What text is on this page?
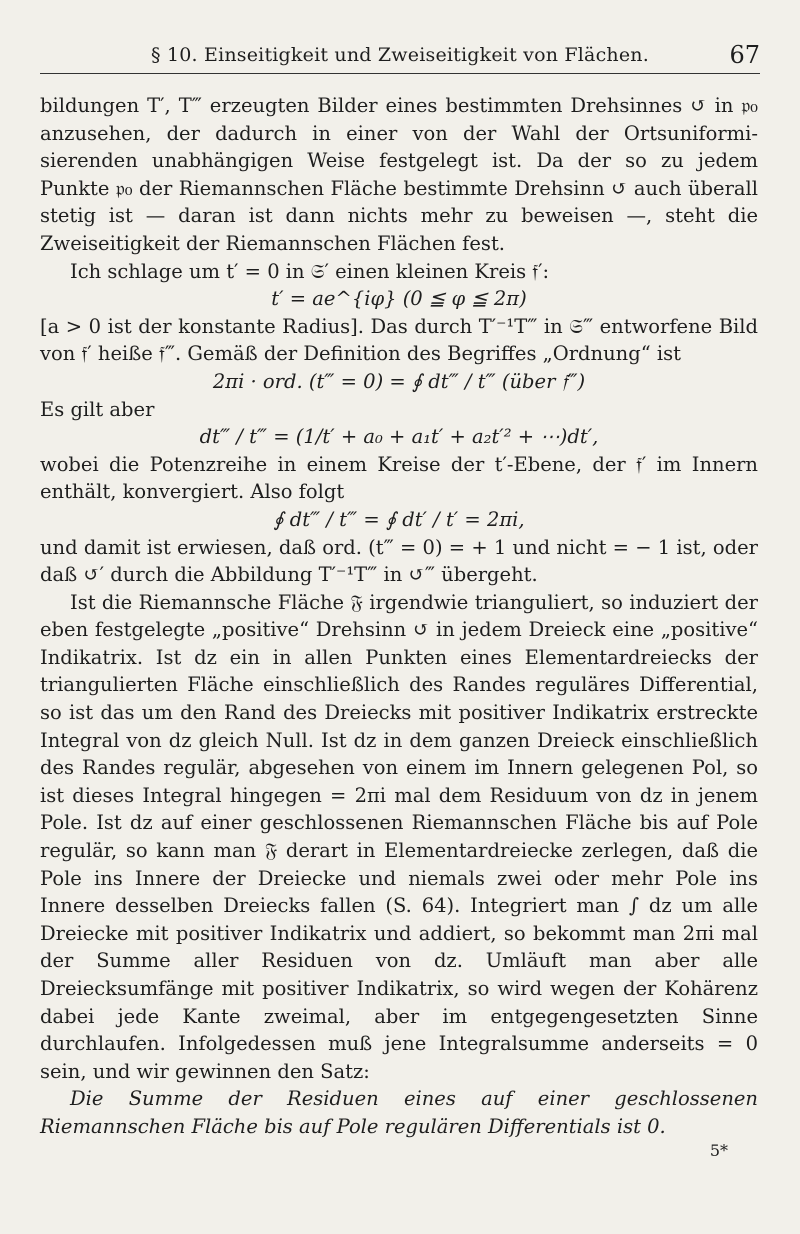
§ 10. Einseitigkeit und Zweiseitigkeit von Flächen.	67

bildungen T′, T‴ erzeugten Bilder eines bestimmten Drehsinnes ↺ in 𝔭₀ anzusehen, der dadurch in einer von der Wahl der Ortsuniformisierenden unabhängigen Weise festgelegt ist. Da der so zu jedem Punkte 𝔭₀ der Riemannschen Fläche bestimmte Drehsinn ↺ auch überall stetig ist — daran ist dann nichts mehr zu beweisen —, steht die Zweiseitigkeit der Riemannschen Flächen fest.

Ich schlage um t′ = 0 in 𝔖′ einen kleinen Kreis 𝔣′:

t′ = ae^{iφ} (0 ≦ φ ≦ 2π)

[a > 0 ist der konstante Radius]. Das durch T′⁻¹T‴ in 𝔖‴ entworfene Bild von 𝔣′ heiße 𝔣‴. Gemäß der Definition des Begriffes „Ordnung“ ist

2πi · ord. (t‴ = 0) = ∮ dt‴ / t‴ (über 𝔣‴)

Es gilt aber

dt‴ / t‴ = (1/t′ + a₀ + a₁t′ + a₂t′² + ⋯)dt′,

wobei die Potenzreihe in einem Kreise der t′-Ebene, der 𝔣′ im Innern enthält, konvergiert. Also folgt

∮ dt‴ / t‴ = ∮ dt′ / t′ = 2πi,

und damit ist erwiesen, daß ord. (t‴ = 0) = + 1 und nicht = − 1 ist, oder daß ↺′ durch die Abbildung T′⁻¹T‴ in ↺‴ übergeht.

Ist die Riemannsche Fläche 𝔉 irgendwie trianguliert, so induziert der eben festgelegte „positive“ Drehsinn ↺ in jedem Dreieck eine „positive“ Indikatrix. Ist dz ein in allen Punkten eines Elementardreiecks der triangulierten Fläche einschließlich des Randes reguläres Differential, so ist das um den Rand des Dreiecks mit positiver Indikatrix erstreckte Integral von dz gleich Null. Ist dz in dem ganzen Dreieck einschließlich des Randes regulär, abgesehen von einem im Innern gelegenen Pol, so ist dieses Integral hingegen = 2πi mal dem Residuum von dz in jenem Pole. Ist dz auf einer geschlossenen Riemannschen Fläche bis auf Pole regulär, so kann man 𝔉 derart in Elementardreiecke zerlegen, daß die Pole ins Innere der Dreiecke und niemals zwei oder mehr Pole ins Innere desselben Dreiecks fallen (S. 64). Integriert man ∫ dz um alle Dreiecke mit positiver Indikatrix und addiert, so bekommt man 2πi mal der Summe aller Residuen von dz. Umläuft man aber alle Dreiecksumfänge mit positiver Indikatrix, so wird wegen der Kohärenz dabei jede Kante zweimal, aber im entgegengesetzten Sinne durchlaufen. Infolgedessen muß jene Integralsumme anderseits = 0 sein, und wir gewinnen den Satz:

Die Summe der Residuen eines auf einer geschlossenen Riemannschen Fläche bis auf Pole regulären Differentials ist 0.

5*
